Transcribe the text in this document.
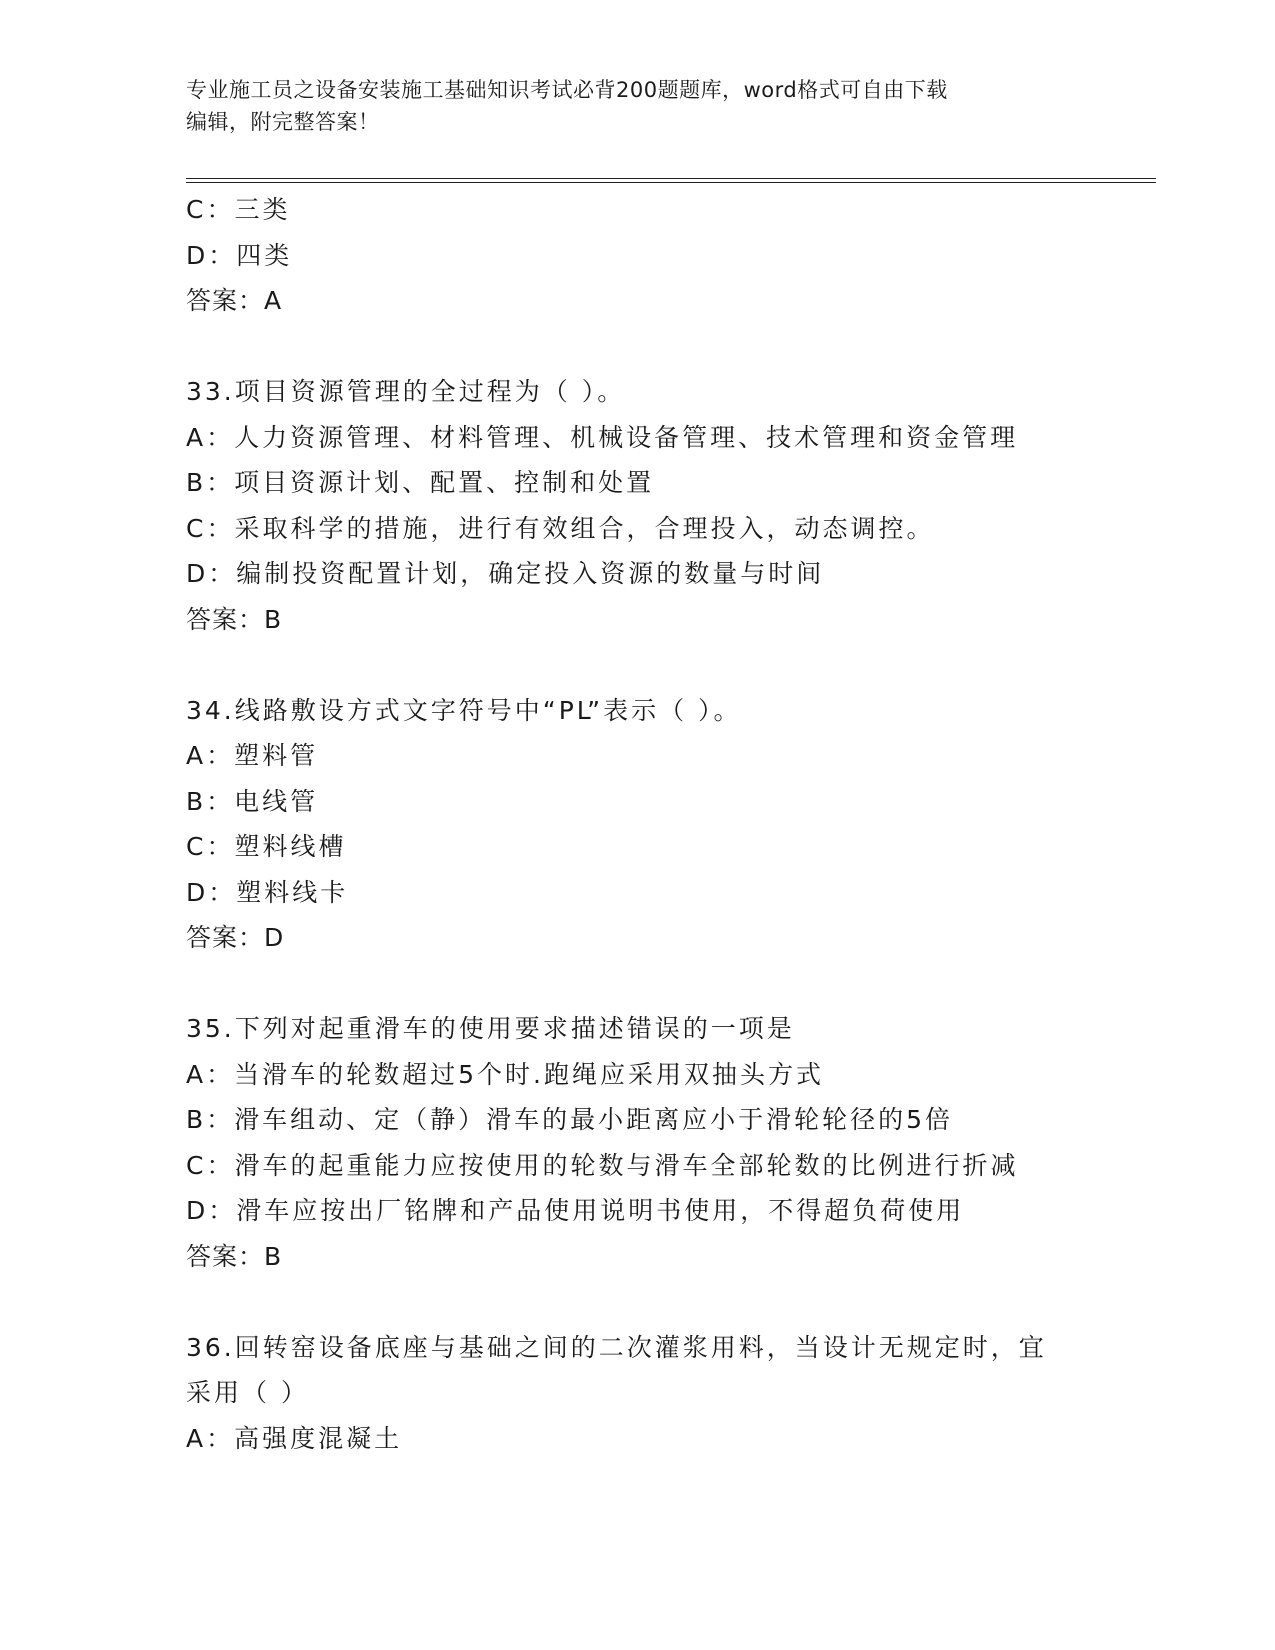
专业施工员之设备安装施工基础知识考试必背200题题库，word格式可自由下载
编辑，附完整答案！
C：三类
D：四类
答案：A
33.项目资源管理的全过程为（ ）。
A：人力资源管理、材料管理、机械设备管理、技术管理和资金管理
B：项目资源计划、配置、控制和处置
C：采取科学的措施，进行有效组合，合理投入，动态调控。
D：编制投资配置计划，确定投入资源的数量与时间
答案：B
34.线路敷设方式文字符号中“PL”表示（ ）。
A：塑料管
B：电线管
C：塑料线槽
D：塑料线卡
答案：D
35.下列对起重滑车的使用要求描述错误的一项是
A：当滑车的轮数超过5个时.跑绳应采用双抽头方式
B：滑车组动、定（静）滑车的最小距离应小于滑轮轮径的5倍
C：滑车的起重能力应按使用的轮数与滑车全部轮数的比例进行折减
D：滑车应按出厂铭牌和产品使用说明书使用，不得超负荷使用
答案：B
36.回转窑设备底座与基础之间的二次灌浆用料，当设计无规定时，宜
采用（ ）
A：高强度混凝土
